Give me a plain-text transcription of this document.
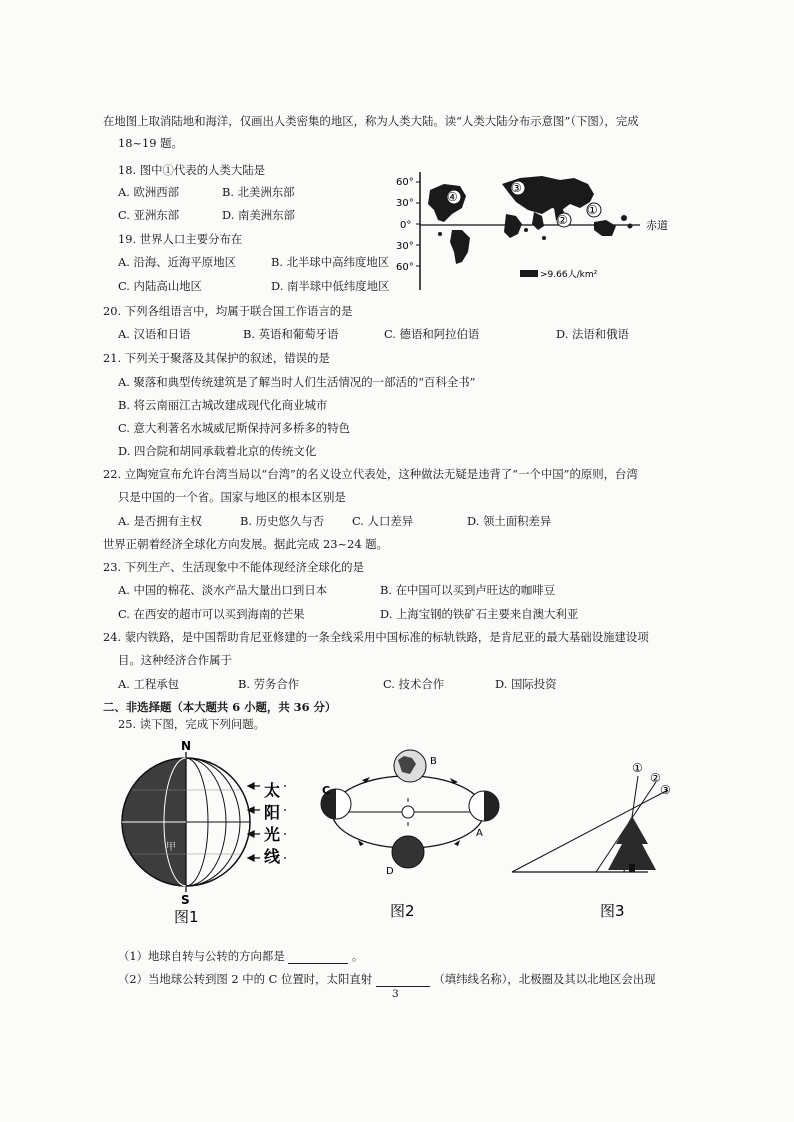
在地图上取消陆地和海洋，仅画出人类密集的地区，称为人类大陆。读“人类大陆分布示意图”（下图），完成
18~19 题。
18. 图中①代表的人类大陆是
A. 欧洲西部	B. 北美洲东部
C. 亚洲东部	D. 南美洲东部
19. 世界人口主要分布在
A. 沿海、近海平原地区	B. 北半球中高纬度地区
C. 内陆高山地区	D. 南半球中低纬度地区
60°
30°
0°
30°
60°
赤道
④
③
②
①
>9.66人/km²
20. 下列各组语言中，均属于联合国工作语言的是
A. 汉语和日语	B. 英语和葡萄牙语	C. 德语和阿拉伯语	D. 法语和俄语
21. 下列关于聚落及其保护的叙述，错误的是
A. 聚落和典型传统建筑是了解当时人们生活情况的一部活的“百科全书”
B. 将云南丽江古城改建成现代化商业城市
C. 意大利著名水城威尼斯保持河多桥多的特色
D. 四合院和胡同承载着北京的传统文化
22. 立陶宛宣布允许台湾当局以“台湾”的名义设立代表处，这种做法无疑是违背了“一个中国”的原则，台湾
只是中国的一个省。国家与地区的根本区别是
A. 是否拥有主权	B. 历史悠久与否 C. 人口差异	D. 领土面积差异
世界正朝着经济全球化方向发展。据此完成 23~24 题。
23. 下列生产、生活现象中不能体现经济全球化的是
A. 中国的棉花、淡水产品大量出口到日本	B. 在中国可以买到卢旺达的咖啡豆
C. 在西安的超市可以买到海南的芒果	D. 上海宝钢的铁矿石主要来自澳大利亚
24. 蒙内铁路，是中国帮助肯尼亚修建的一条全线采用中国标准的标轨铁路，是肯尼亚的最大基础设施建设项
目。这种经济合作属于
A. 工程承包	B. 劳务合作	C. 技术合作	D. 国际投资
二、非选择题（本大题共 6 小题，共 36 分）
25. 读下图，完成下列问题。
N
S
甲
太
阳
光
线
图1
B
C
A
D
图2
①
②
③
图3
（1）地球自转与公转的方向都是	。
（2）当地球公转到图 2 中的 C 位置时，太阳直射	（填纬线名称），北极圈及其以北地区会出现
3
